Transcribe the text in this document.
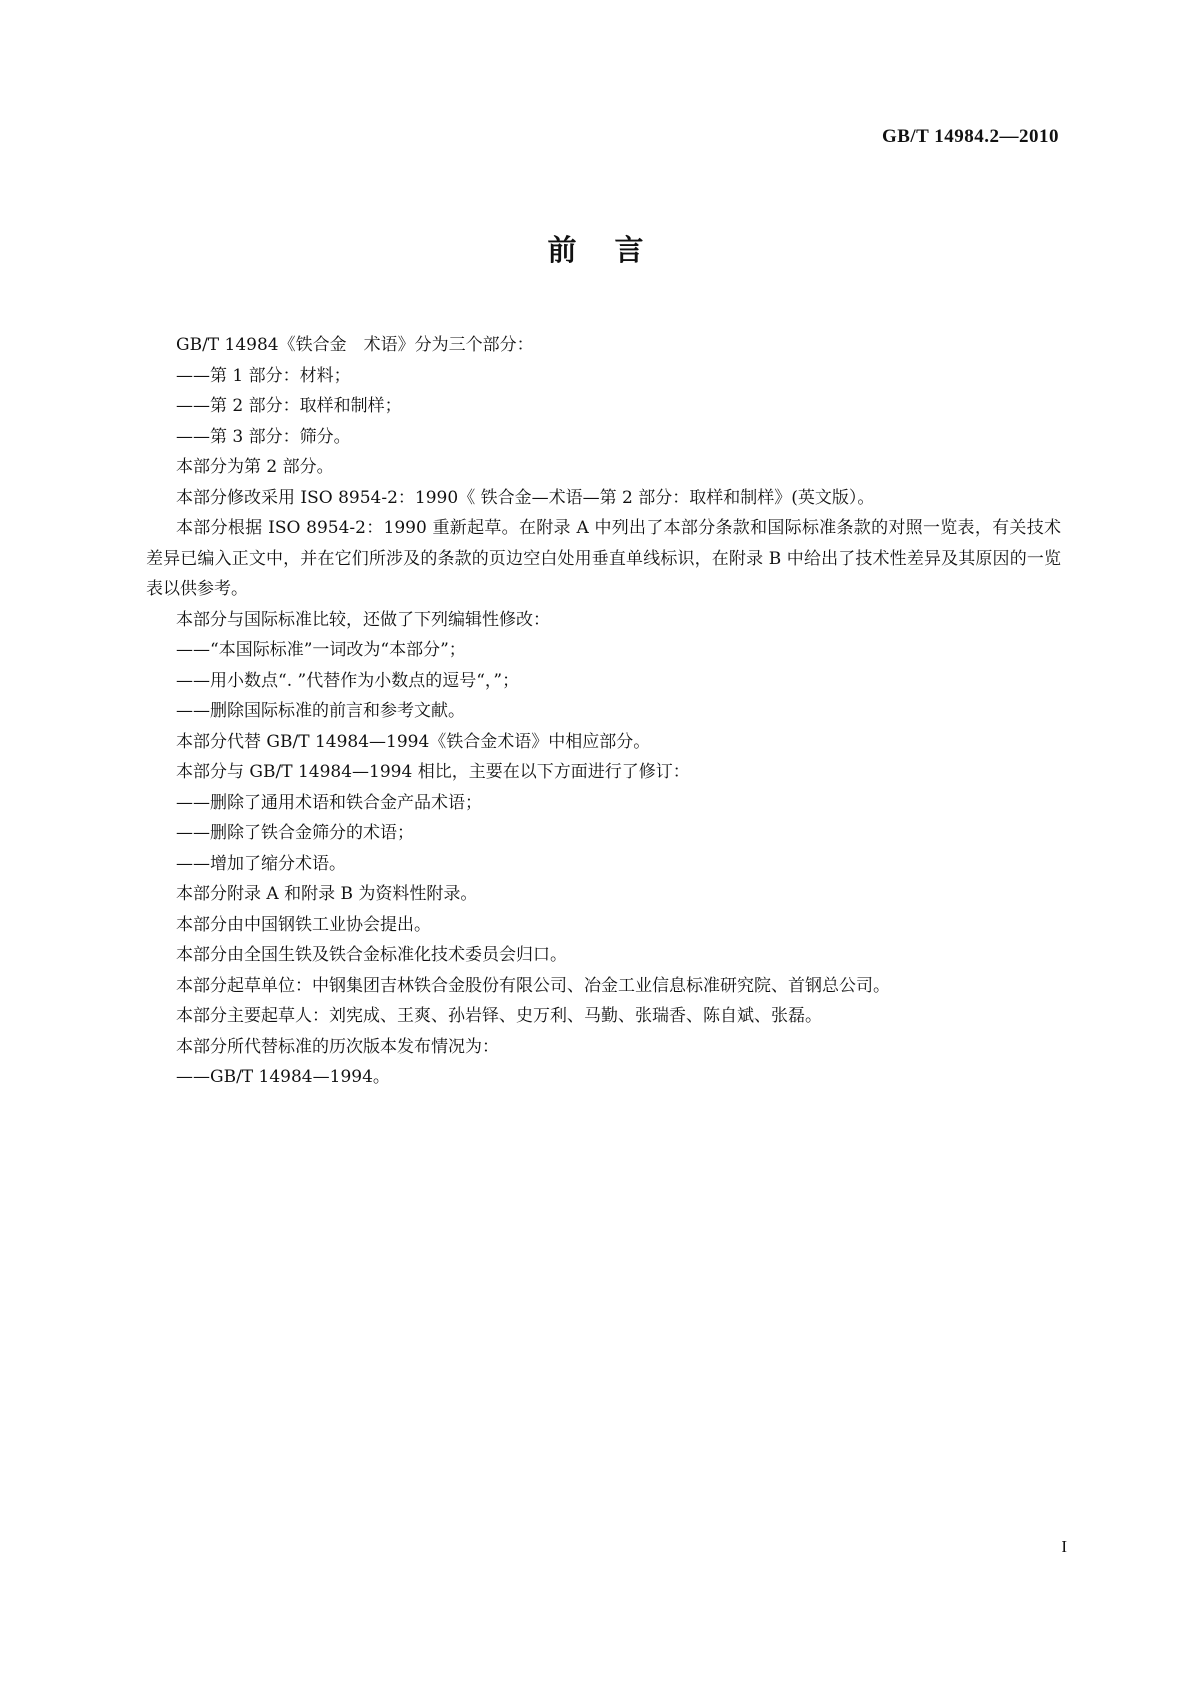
GB/T 14984.2—2010
前言

GB/T 14984《铁合金　术语》分为三个部分：

——第 1 部分：材料；

——第 2 部分：取样和制样；

——第 3 部分：筛分。

本部分为第 2 部分。

本部分修改采用 ISO 8954-2：1990《 铁合金—术语—第 2 部分：取样和制样》(英文版）。

本部分根据 ISO 8954-2：1990 重新起草。在附录 A 中列出了本部分条款和国际标准条款的对照一览表，有关技术差异已编入正文中，并在它们所涉及的条款的页边空白处用垂直单线标识，在附录 B 中给出了技术性差异及其原因的一览表以供参考。

本部分与国际标准比较，还做了下列编辑性修改：

——“本国际标准”一词改为“本部分”；

——用小数点“. ”代替作为小数点的逗号“，”；

——删除国际标准的前言和参考文献。

本部分代替 GB/T 14984—1994《铁合金术语》中相应部分。

本部分与 GB/T 14984—1994 相比，主要在以下方面进行了修订：

——删除了通用术语和铁合金产品术语；

——删除了铁合金筛分的术语；

——增加了缩分术语。

本部分附录 A 和附录 B 为资料性附录。

本部分由中国钢铁工业协会提出。

本部分由全国生铁及铁合金标准化技术委员会归口。

本部分起草单位：中钢集团吉林铁合金股份有限公司、冶金工业信息标准研究院、首钢总公司。

本部分主要起草人：刘宪成、王爽、孙岩铎、史万利、马勤、张瑞香、陈自斌、张磊。

本部分所代替标准的历次版本发布情况为：

——GB/T 14984—1994。

I
